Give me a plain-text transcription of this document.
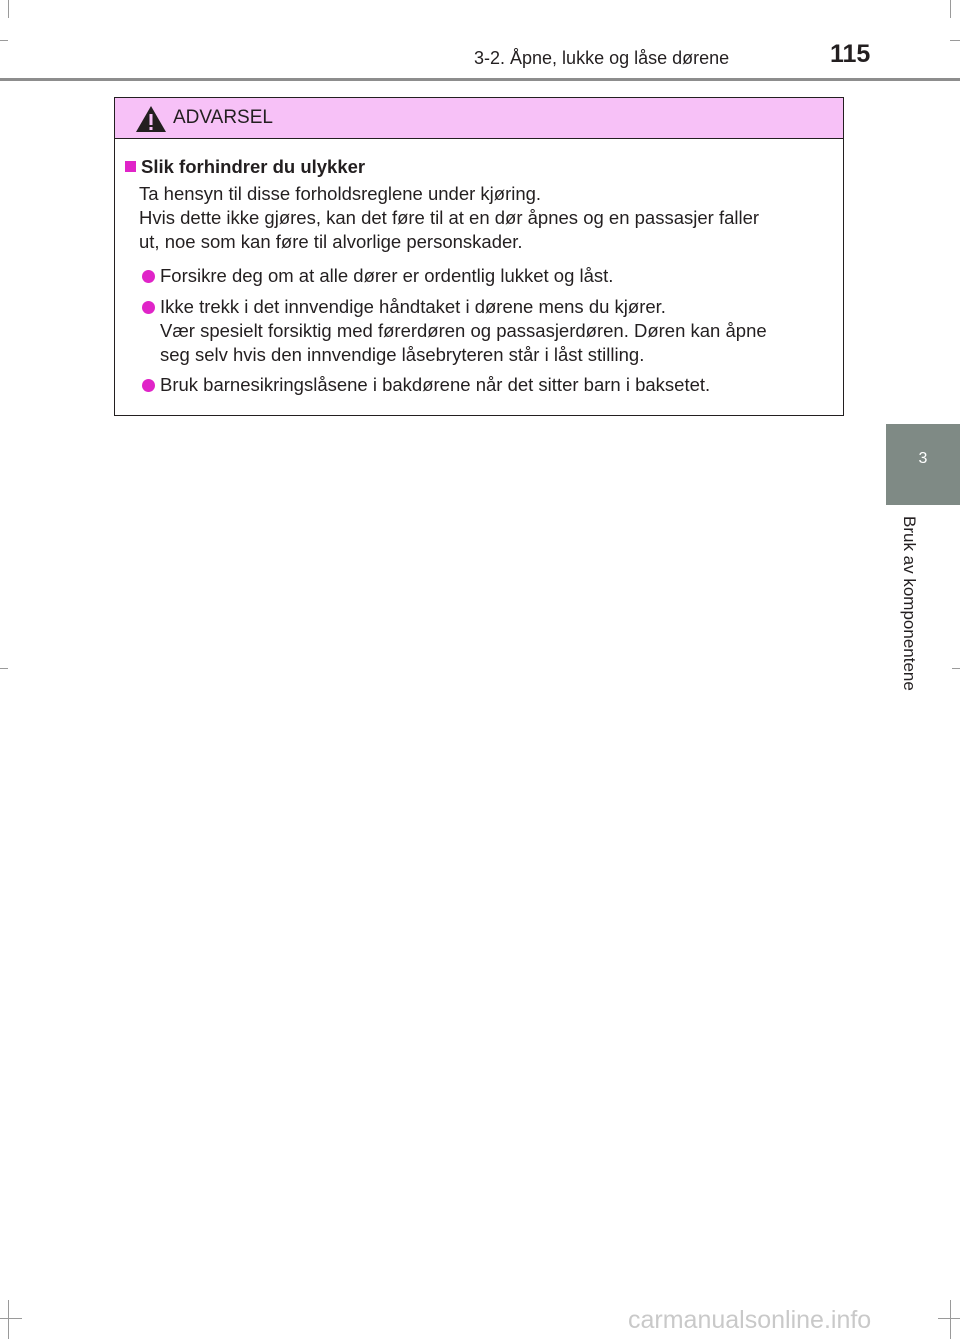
3-2. Åpne, lukke og låse dørene	115
3
Bruk av komponentene
ADVARSEL
Slik forhindrer du ulykker
Ta hensyn til disse forholdsreglene under kjøring.
Hvis dette ikke gjøres, kan det føre til at en dør åpnes og en passasjer faller
ut, noe som kan føre til alvorlige personskader.
Forsikre deg om at alle dører er ordentlig lukket og låst.
Ikke trekk i det innvendige håndtaket i dørene mens du kjører.
Vær spesielt forsiktig med førerdøren og passasjerdøren. Døren kan åpne
seg selv hvis den innvendige låsebryteren står i låst stilling.
Bruk barnesikringslåsene i bakdørene når det sitter barn i baksetet.
carmanualsonline.info
